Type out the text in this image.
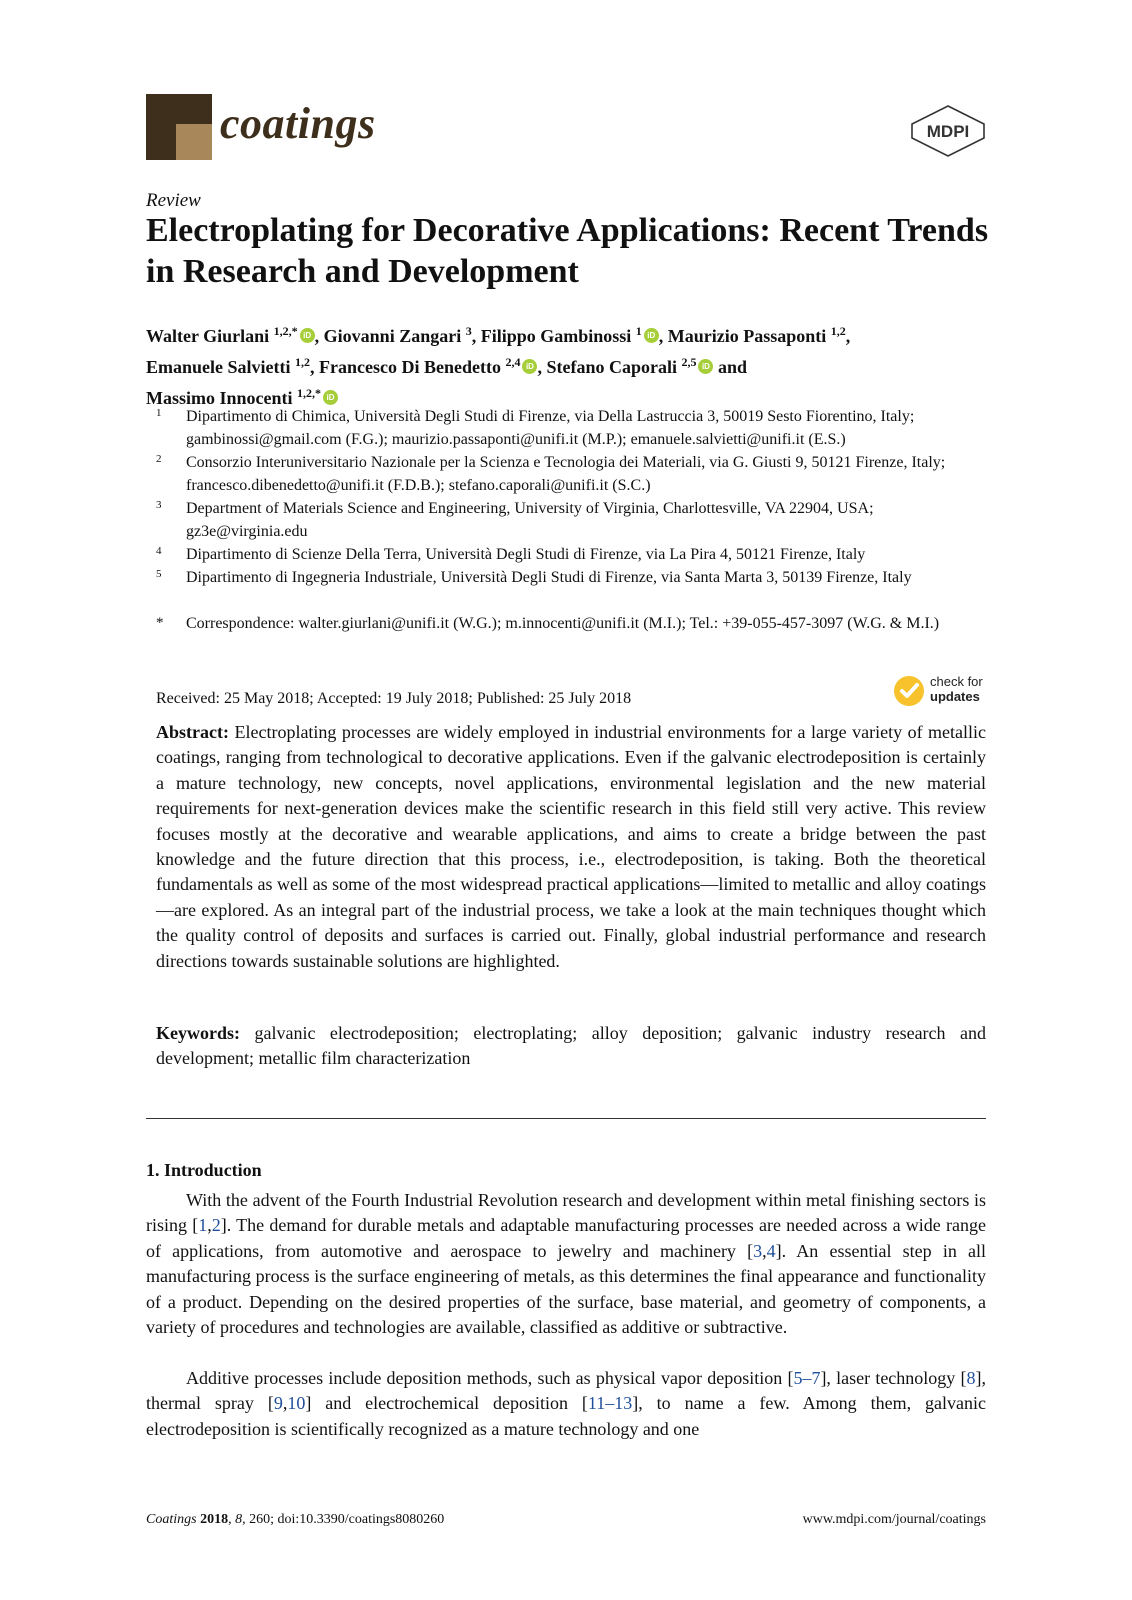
coatings	MDPI
Review
Electroplating for Decorative Applications: Recent Trends in Research and Development
Walter Giurlani $^{1,2,*}$ iD , Giovanni Zangari $^3$, Filippo Gambinossi $^1$ iD , Maurizio Passaponti $^{1,2}$,
Emanuele Salvietti $^{1,2}$, Francesco Di Benedetto $^{2,4}$ iD , Stefano Caporali $^{2,5}$ iD and
Massimo Innocenti $^{1,2,*}$ iD
1 Dipartimento di Chimica, Università Degli Studi di Firenze, via Della Lastruccia 3, 50019 Sesto Fiorentino, Italy; gambinossi@gmail.com (F.G.); maurizio.passaponti@unifi.it (M.P.); emanuele.salvietti@unifi.it (E.S.)
2 Consorzio Interuniversitario Nazionale per la Scienza e Tecnologia dei Materiali, via G. Giusti 9, 50121 Firenze, Italy; francesco.dibenedetto@unifi.it (F.D.B.); stefano.caporali@unifi.it (S.C.)
3 Department of Materials Science and Engineering, University of Virginia, Charlottesville, VA 22904, USA; gz3e@virginia.edu
4 Dipartimento di Scienze Della Terra, Università Degli Studi di Firenze, via La Pira 4, 50121 Firenze, Italy
5 Dipartimento di Ingegneria Industriale, Università Degli Studi di Firenze, via Santa Marta 3, 50139 Firenze, Italy
* Correspondence: walter.giurlani@unifi.it (W.G.); m.innocenti@unifi.it (M.I.); Tel.: +39-055-457-3097 (W.G. & M.I.)
Received: 25 May 2018; Accepted: 19 July 2018; Published: 25 July 2018
check for
updates
Abstract: Electroplating processes are widely employed in industrial environments for a large variety of metallic coatings, ranging from technological to decorative applications. Even if the galvanic electrodeposition is certainly a mature technology, new concepts, novel applications, environmental legislation and the new material requirements for next-generation devices make the scientific research in this field still very active. This review focuses mostly at the decorative and wearable applications, and aims to create a bridge between the past knowledge and the future direction that this process, i.e., electrodeposition, is taking. Both the theoretical fundamentals as well as some of the most widespread practical applications—limited to metallic and alloy coatings—are explored. As an integral part of the industrial process, we take a look at the main techniques thought which the quality control of deposits and surfaces is carried out. Finally, global industrial performance and research directions towards sustainable solutions are highlighted.
Keywords: galvanic electrodeposition; electroplating; alloy deposition; galvanic industry research and development; metallic film characterization
1. Introduction
With the advent of the Fourth Industrial Revolution research and development within metal finishing sectors is rising [1,2]. The demand for durable metals and adaptable manufacturing processes are needed across a wide range of applications, from automotive and aerospace to jewelry and machinery [3,4]. An essential step in all manufacturing process is the surface engineering of metals, as this determines the final appearance and functionality of a product. Depending on the desired properties of the surface, base material, and geometry of components, a variety of procedures and technologies are available, classified as additive or subtractive.
Additive processes include deposition methods, such as physical vapor deposition [5–7], laser technology [8], thermal spray [9,10] and electrochemical deposition [11–13], to name a few. Among them, galvanic electrodeposition is scientifically recognized as a mature technology and one
Coatings 2018, 8, 260; doi:10.3390/coatings8080260	www.mdpi.com/journal/coatings
